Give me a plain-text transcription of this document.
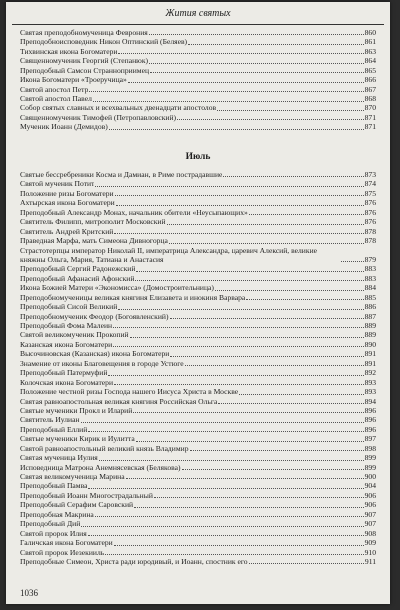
Жития святых
Святая преподобномученица Феврония	860
Преподобноисповедник Никон Оптинский (Беляев)	861
Тихвинская икона Богоматери	863
Священномученик Георгий (Степанюк)	864
Преподобный Самсон Странноприимец	865
Икона Богоматери «Троеручица»	866
Святой апостол Петр	867
Святой апостол Павел	868
Собор святых славных и всехвальных двенадцати апостолов	870
Священномученик Тимофей (Петропавловский)	871
Мученик Иоанн (Демидов)	871
Июль
Святые бессребреники Косма и Дамиан, в Риме пострадавшие	873
Святой мученик Потит	874
Положение ризы Богоматери	875
Ахтырская икона Богоматери	876
Преподобный Александр Монах, начальник обители «Неусыпающих»	876
Святитель Филипп, митрополит Московский	876
Святитель Андрей Критский	878
Праведная Марфа, мать Симеона Дивногорца	878
Страстотерпцы император Николай II, императрица Александра, царевич Алексий, великие княжны Ольга, Мария, Татиана и Анастасия	879
Преподобный Сергий Радонежский	883
Преподобный Афанасий Афонский	883
Икона Божией Матери «Экономисса» (Домостроительница)	884
Преподобномученицы великая княгиня Елизавета и инокиня Варвара	885
Преподобный Сисой Великий	886
Преподобномученик Феодор (Богоявленский)	887
Преподобный Фома Малеин	889
Святой великомученик Прокопий	889
Казанская икона Богоматери	890
Высочиновская (Казанская) икона Богоматери	891
Знамение от иконы Благовещения в городе Устюге	891
Преподобный Патермуфий	892
Колочская икона Богоматери	893
Положение честной ризы Господа нашего Иисуса Христа в Москве	893
Святая равноапостольная великая княгиня Российская Ольга	894
Святые мученики Прокл и Иларий	896
Святитель Иулиан	896
Преподобный Еллий	896
Святые мученики Кирик и Иулитта	897
Святой равноапостольный великий князь Владимир	898
Святая мученица Иулия	899
Исповедница Матрона Анемнясевская (Белякова)	899
Святая великомученица Марина	900
Преподобный Памва	904
Преподобный Иоанн Многострадальный	906
Преподобный Серафим Саровский	906
Преподобная Макрина	907
Преподобный Дий	907
Святой пророк Илия	908
Галичская икона Богоматери	909
Святой пророк Иезекииль	910
Преподобные Симеон, Христа ради юродивый, и Иоанн, спостник его	911
1036
